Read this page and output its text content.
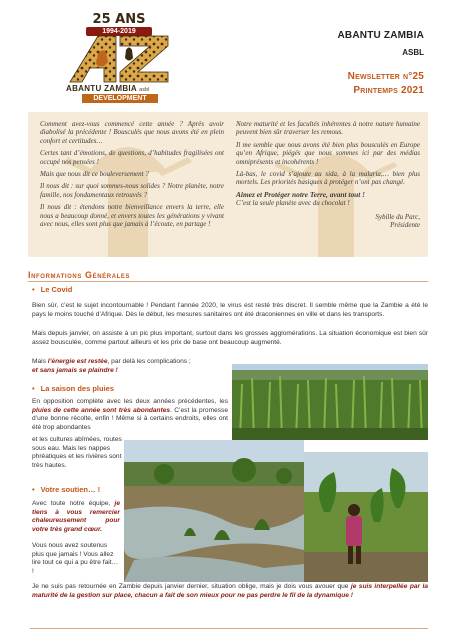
25 ANS
1994-2019
ABANTU ZAMBIA asbl
DEVELOPMENT
ABANTU ZAMBIA
ASBL
Newsletter n°25
Printemps 2021

Comment avez-vous commencé cette année ? Après avoir diabolisé la précédente ! Bousculés que nous avons été en plein confort et certitudes…

Certes tant d’émotions, de questions, d’habitudes fragilisées ont occupé nos pensées !

Mais que nous dit ce bouleversement ?

Il nous dit : sur quoi sommes-nous solides ? Notre planète, notre famille, nos fondamentaux retrouvés ?

Il nous dit : étendons notre bienveillance envers la terre, elle nous a beaucoup donné, et envers toutes les générations y vivant avec nous, elles sont plus que jamais à l’écoute, en partage !

Notre maturité et les facultés inhérentes à notre nature humaine peuvent bien sûr traverser les remous.

Il me semble que nous avons été bien plus bousculés en Europe qu’en Afrique, piégés que nous sommes ici par des médias omniprésents et incohérents !

Là-bas, le covid s’ajoute au sida, à la malaria,… bien plus mortels. Les priorités basiques à protéger n’ont pas changé.

Aimez et Protéger notre Terre, avant tout !

C’est la seule planète avec du chocolat !

Sybille du Parc,
Présidente
Informations Générales
• Le Covid
Bien sûr, c’est le sujet incontournable ! Pendant l’année 2020, le virus est resté très discret. Il semble même que la Zambie a été le pays le moins touché d’Afrique. Dès le début, les mesures sanitaires ont été draconiennes en ville et dans les transports.
Mais depuis janvier, on assiste à un pic plus important, surtout dans les grosses agglomérations. La situation économique est bien sûr assez bousculée, comme partout ailleurs et les prix de base ont beaucoup augmenté.
Mais l’énergie est restée, par delà les complications ;
et sans jamais se plaindre !
• La saison des pluies
En opposition complète avec les deux années précédentes, les pluies de cette année sont très abondantes. C’est la promesse d’une bonne récolte, enfin ! Même si à certains endroits, elles ont été trop abondantes
et les cultures abîmées, routes sous eau. Mais les nappes phréatiques et les rivières sont très hautes.
• Votre soutien… !
Avec toute notre équipe, je tiens à vous remercier chaleureusement pour votre très grand cœur.
Vous nous avez soutenus plus que jamais ! Vous allez lire tout ce qui a pu être fait… !
Je ne suis pas retournée en Zambie depuis janvier dernier, situation oblige, mais je dois vous avouer que je suis interpellée par la maturité de la gestion sur place, chacun a fait de son mieux pour ne pas perdre le fil de la dynamique !
